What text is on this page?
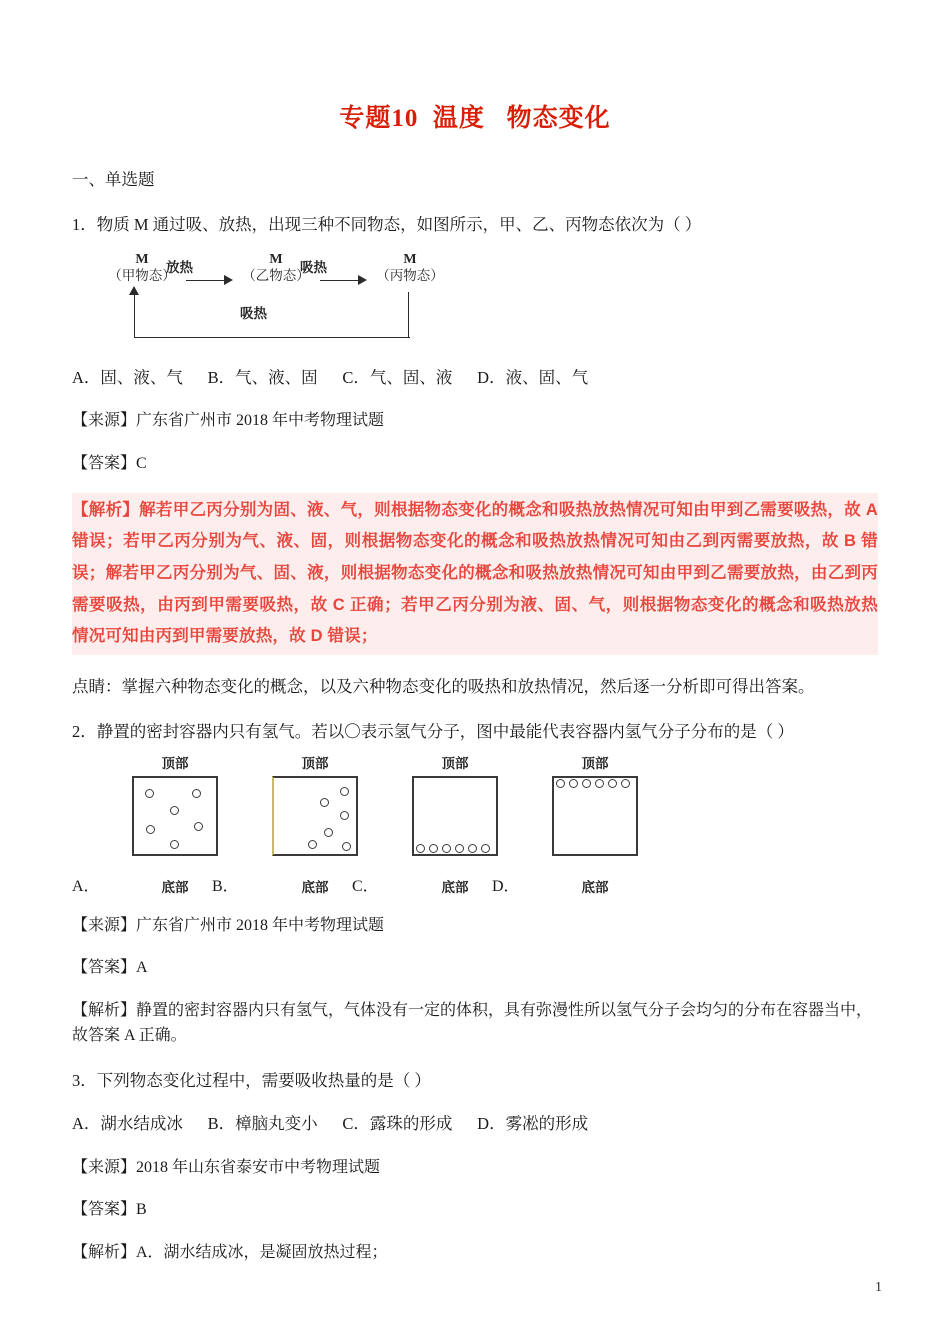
专题10  温度   物态变化
一、单选题
1．物质 M 通过吸、放热，出现三种不同物态，如图所示，甲、乙、丙物态依次为（ ）
M
（甲物态）
M
（乙物态）
M
（丙物态）
放热	吸热
吸热
A．固、液、气      B．气、液、固      C．气、固、液      D．液、固、气
【来源】广东省广州市 2018 年中考物理试题
【答案】C
【解析】解若甲乙丙分别为固、液、气，则根据物态变化的概念和吸热放热情况可知由甲到乙需要吸热，故 A 错误；若甲乙丙分别为气、液、固，则根据物态变化的概念和吸热放热情况可知由乙到丙需要放热，故 B 错误；解若甲乙丙分别为气、固、液，则根据物态变化的概念和吸热放热情况可知由甲到乙需要放热，由乙到丙需要吸热，由丙到甲需要吸热，故 C 正确；若甲乙丙分别为液、固、气，则根据物态变化的概念和吸热放热情况可知由丙到甲需要放热，故 D 错误；
点睛：掌握六种物态变化的概念，以及六种物态变化的吸热和放热情况，然后逐一分析即可得出答案。
2．静置的密封容器内只有氢气。若以〇表示氢气分子，图中最能代表容器内氢气分子分布的是（ ）
顶部
A．	底部
顶部
B．	底部
顶部
C．	底部
顶部
D．	底部
【来源】广东省广州市 2018 年中考物理试题
【答案】A
【解析】静置的密封容器内只有氢气，气体没有一定的体积，具有弥漫性所以氢气分子会均匀的分布在容器当中，故答案 A 正确。
3．下列物态变化过程中，需要吸收热量的是（ ）
A．湖水结成冰      B．樟脑丸变小      C．露珠的形成      D．雾凇的形成
【来源】2018 年山东省泰安市中考物理试题
【答案】B
【解析】A．湖水结成冰，是凝固放热过程；
1
